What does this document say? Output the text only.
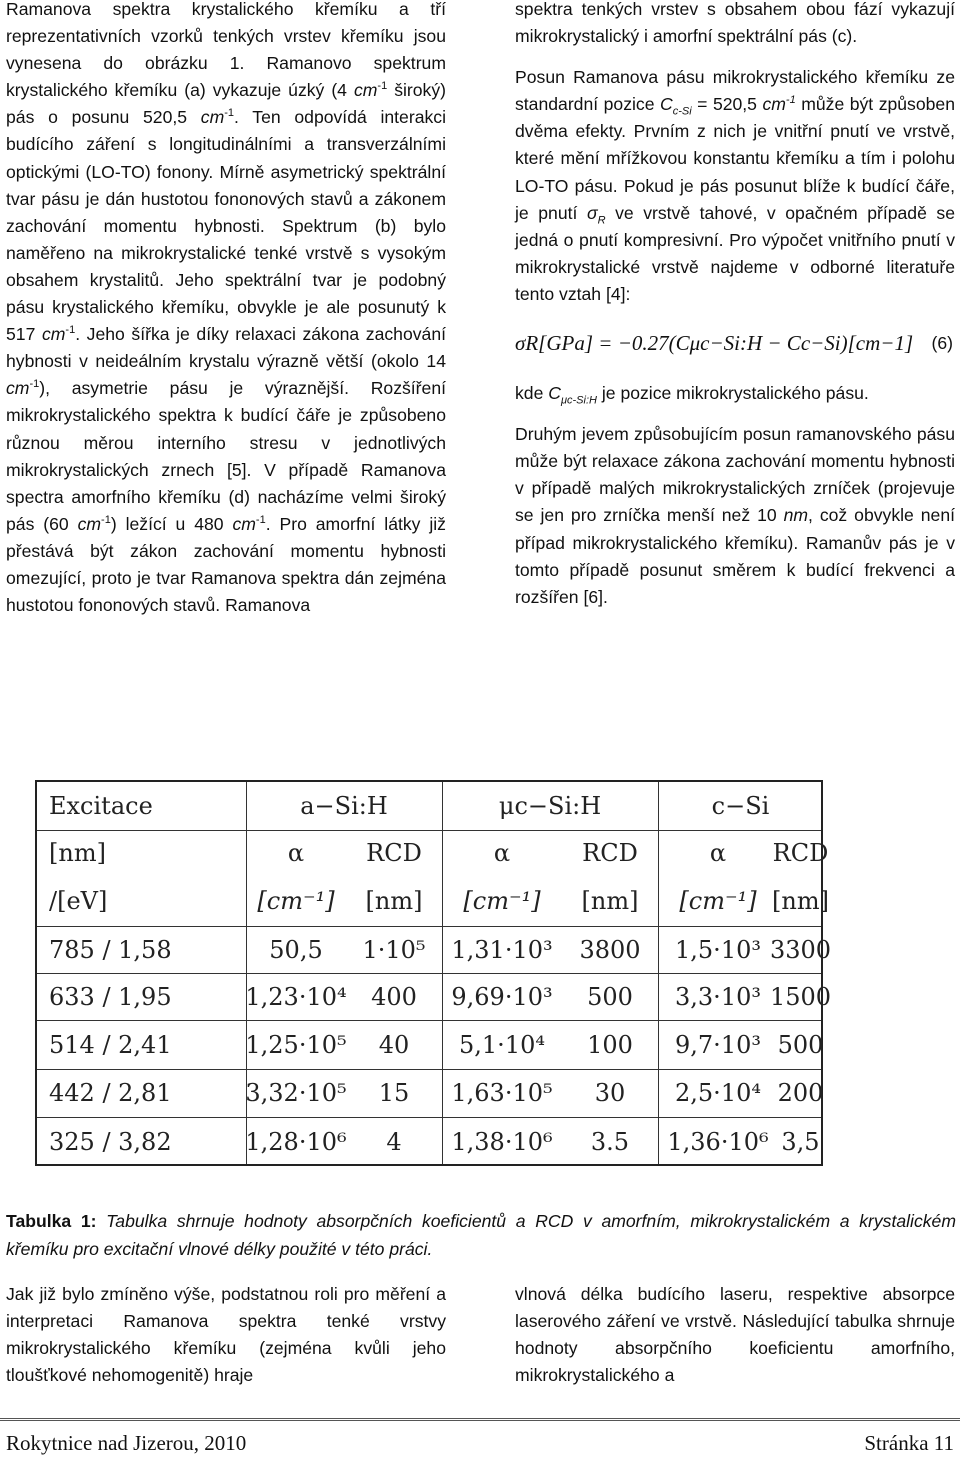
Ramanova spektra krystalického křemíku a tří reprezentativních vzorků tenkých vrstev křemíku jsou vynesena do obrázku 1. Ramanovo spektrum krystalického křemíku (a) vykazuje úzký (4 $cm^{-1}$ široký) pás o posunu 520,5 $cm^{-1}$. Ten odpovídá interakci budícího záření s longitudinálními a transverzálními optickými (LO-TO) fonony. Mírně asymetrický spektrální tvar pásu je dán hustotou fononových stavů a zákonem zachování momentu hybnosti. Spektrum (b) bylo naměřeno na mikrokrystalické tenké vrstvě s vysokým obsahem krystalitů. Jeho spektrální tvar je podobný pásu krystalického křemíku, obvykle je ale posunutý k 517 $cm^{-1}$. Jeho šířka je díky relaxaci zákona zachování hybnosti v neideálním krystalu výrazně větší (okolo 14 $cm^{-1}$), asymetrie pásu je výraznější. Rozšíření mikrokrystalického spektra k budící čáře je způsobeno různou měrou interního stresu v jednotlivých mikrokrystalických zrnech [5]. V případě Ramanova spectra amorfního křemíku (d) nacházíme velmi široký pás (60 $cm^{-1}$) ležící u 480 $cm^{-1}$. Pro amorfní látky již přestává být zákon zachování momentu hybnosti omezující, proto je tvar Ramanova spektra dán zejména hustotou fononových stavů. Ramanova

spektra tenkých vrstev s obsahem obou fází vykazují mikrokrystalický i amorfní spektrální pás (c).

Posun Ramanova pásu mikrokrystalického křemíku ze standardní pozice $C_{c-Si} = 520,5$ $cm^{-1}$ může být způsoben dvěma efekty. Prvním z nich je vnitřní pnutí ve vrstvě, které mění mřížkovou konstantu křemíku a tím i polohu LO-TO pásu. Pokud je pás posunut blíže k budící čáře, je pnutí $\sigma_R$ ve vrstvě tahové, v opačném případě se jedná o pnutí kompresivní. Pro výpočet vnitřního pnutí v mikrokrystalické vrstvě najdeme v odborné literatuře tento vztah [4]:

σR[GPa] = −0.27(Cμc−Si:H − Cc−Si)[cm−1] (6)

kde $C_{\mu c-Si:H}$ je pozice mikrokrystalického pásu.

Druhým jevem způsobujícím posun ramanovského pásu může být relaxace zákona zachování momentu hybnosti v případě malých mikrokrystalických zrníček (projevuje se jen pro zrníčka menší než 10 nm, což obvykle není případ mikrokrystalického křemíku). Ramanův pás je v tomto případě posunut směrem k budící frekvenci a rozšířen [6].

Excitace	a−Si:H	μc−Si:H	c−Si
[nm]	α	RCD	α	RCD	α	RCD
/[eV]	[cm⁻¹]	[nm]	[cm⁻¹]	[nm]	[cm⁻¹] [nm]
785 / 1,58	50,5	1·10⁵	1,31·10³	3800	1,5·10³ 3300
633 / 1,95	1,23·10⁴	400	9,69·10³	500	3,3·10³ 1500
514 / 2,41	1,25·10⁵	40	5,1·10⁴	100	9,7·10³ 500
442 / 2,81	3,32·10⁵	15	1,63·10⁵	30	2,5·10⁴ 200
325 / 3,82	1,28·10⁶	4	1,38·10⁶	3.5	1,36·10⁶ 3,5
Tabulka 1: Tabulka shrnuje hodnoty absorpčních koeficientů a RCD v amorfním, mikrokrystalickém a krystalickém křemíku pro excitační vlnové délky použité v této práci.

Jak již bylo zmíněno výše, podstatnou roli pro měření a interpretaci Ramanova spektra tenké vrstvy mikrokrystalického křemíku (zejména kvůli jeho tloušťkové nehomogenitě) hraje

vlnová délka budícího laseru, respektive absorpce laserového záření ve vrstvě. Následující tabulka shrnuje hodnoty absorpčního koeficientu amorfního, mikrokrystalického a

Rokytnice nad Jizerou, 2010	Stránka 11
